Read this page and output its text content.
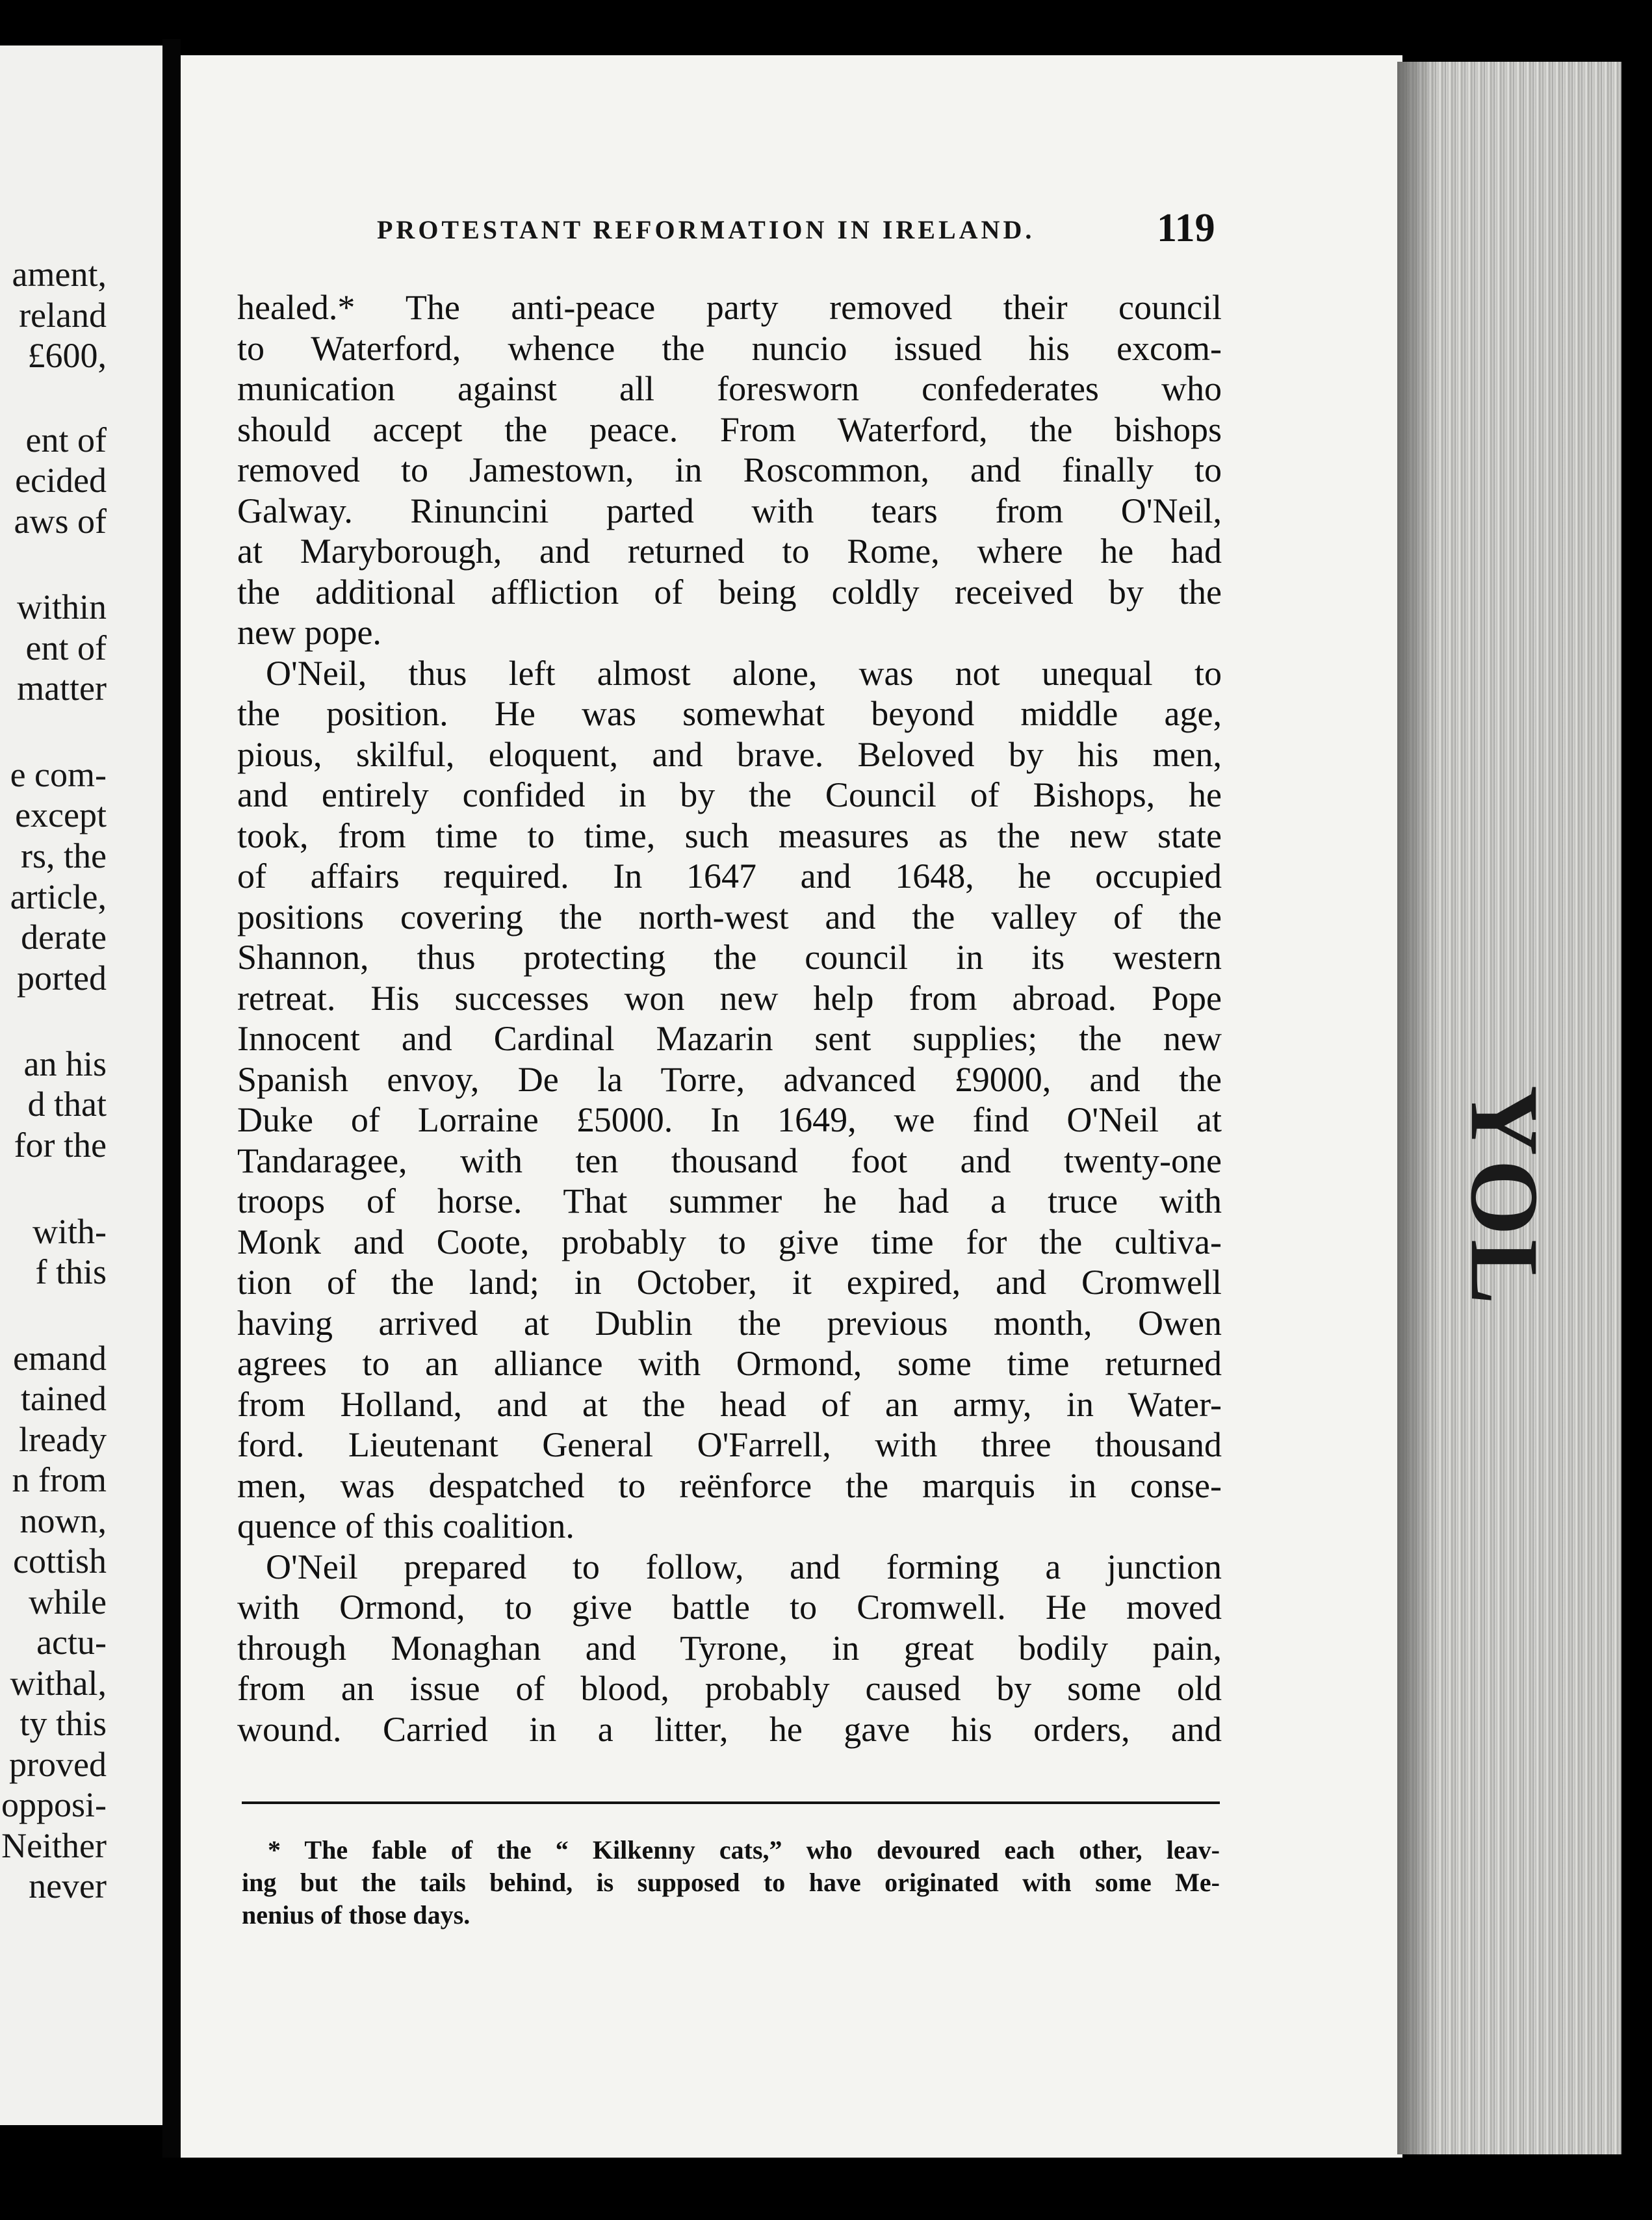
ament,
reland
£600,
ent of
ecided
aws of
within
ent of
matter
e com-
except
rs, the
article,
derate
ported
an his
d that
for the
with-
f this
emand
tained
lready
n from
nown,
cottish
while
actu-
withal,
ty this
proved
opposi-
Neither
never
YOL
PROTESTANT REFORMATION IN IRELAND.	119
healed.* The anti-peace party removed their council
to Waterford, whence the nuncio issued his excom-
munication against all foresworn confederates who
should accept the peace. From Waterford, the bishops
removed to Jamestown, in Roscommon, and finally to
Galway. Rinuncini parted with tears from O'Neil,
at Maryborough, and returned to Rome, where he had
the additional affliction of being coldly received by the
new pope.
O'Neil, thus left almost alone, was not unequal to
the position. He was somewhat beyond middle age,
pious, skilful, eloquent, and brave. Beloved by his men,
and entirely confided in by the Council of Bishops, he
took, from time to time, such measures as the new state
of affairs required. In 1647 and 1648, he occupied
positions covering the north-west and the valley of the
Shannon, thus protecting the council in its western
retreat. His successes won new help from abroad. Pope
Innocent and Cardinal Mazarin sent supplies; the new
Spanish envoy, De la Torre, advanced £9000, and the
Duke of Lorraine £5000. In 1649, we find O'Neil at
Tandaragee, with ten thousand foot and twenty-one
troops of horse. That summer he had a truce with
Monk and Coote, probably to give time for the cultiva-
tion of the land; in October, it expired, and Cromwell
having arrived at Dublin the previous month, Owen
agrees to an alliance with Ormond, some time returned
from Holland, and at the head of an army, in Water-
ford. Lieutenant General O'Farrell, with three thousand
men, was despatched to reënforce the marquis in conse-
quence of this coalition.
O'Neil prepared to follow, and forming a junction
with Ormond, to give battle to Cromwell. He moved
through Monaghan and Tyrone, in great bodily pain,
from an issue of blood, probably caused by some old
wound. Carried in a litter, he gave his orders, and
* The fable of the “ Kilkenny cats,” who devoured each other, leav-
ing but the tails behind, is supposed to have originated with some Me-
nenius of those days.
